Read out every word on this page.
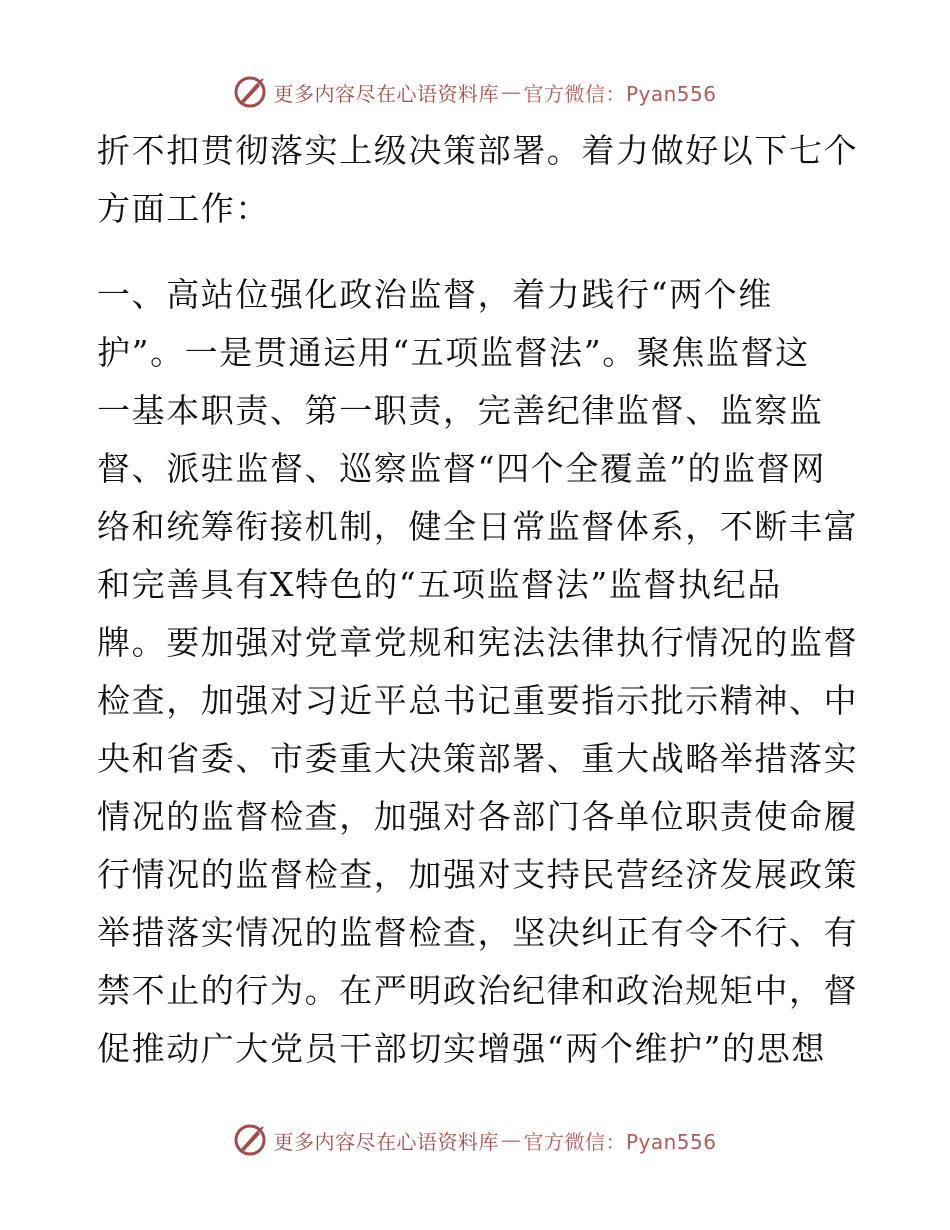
更多内容尽在心语资料库 — 官方微信：Pyan556
折不扣贯彻落实上级决策部署。着力做好以下七个
方面工作：
一、高站位强化政治监督，着力践行“两个维
护”。一是贯通运用“五项监督法”。聚焦监督这
一基本职责、第一职责，完善纪律监督、监察监
督、派驻监督、巡察监督“四个全覆盖”的监督网
络和统筹衔接机制，健全日常监督体系，不断丰富
和完善具有X特色的“五项监督法”监督执纪品
牌。要加强对党章党规和宪法法律执行情况的监督
检查，加强对习近平总书记重要指示批示精神、中
央和省委、市委重大决策部署、重大战略举措落实
情况的监督检查，加强对各部门各单位职责使命履
行情况的监督检查，加强对支持民营经济发展政策
举措落实情况的监督检查，坚决纠正有令不行、有
禁不止的行为。在严明政治纪律和政治规矩中，督
促推动广大党员干部切实增强“两个维护”的思想
更多内容尽在心语资料库 — 官方微信：Pyan556
